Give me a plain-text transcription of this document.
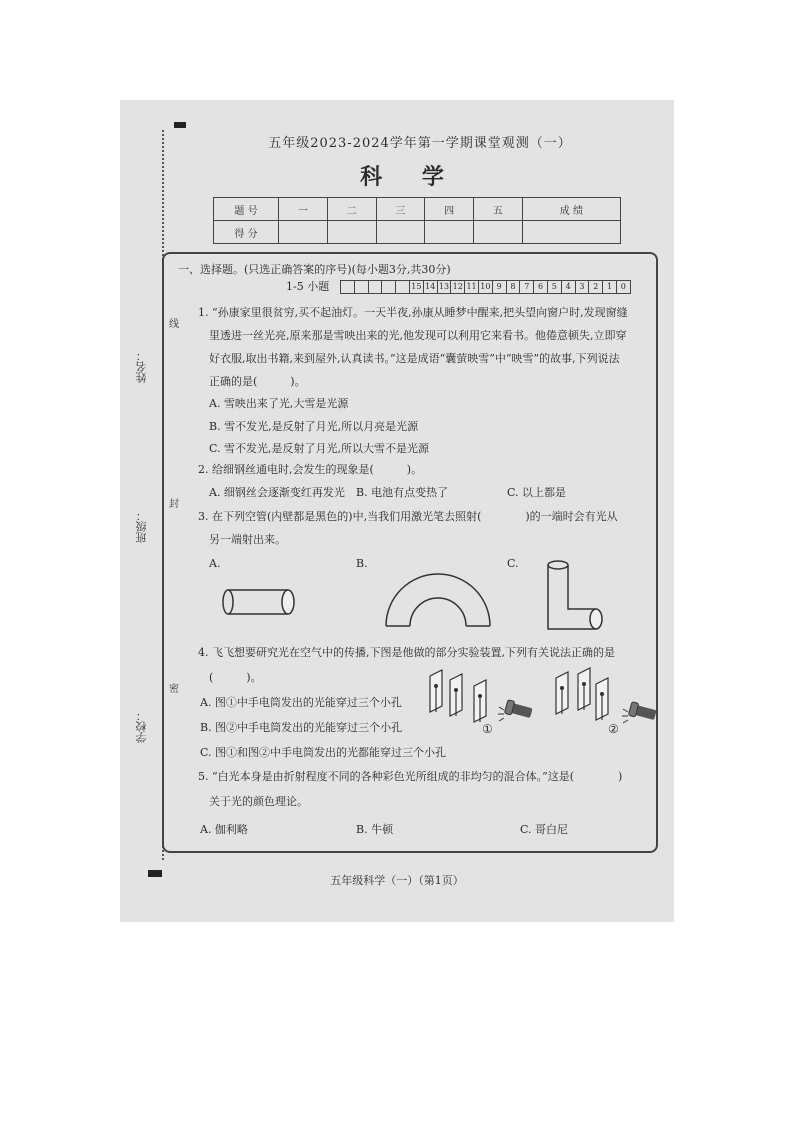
姓名：
班级：
学校：
线
封
密
五年级2023-2024学年第一学期课堂观测（一）
科 学
题 号	一	二	三	四	五	成 绩
得 分						
一、选择题。(只选正确答案的序号)(每小题3分,共30分)
1-5 小题	15 14 13 12 11 10 9	8	7	6	5	4	3	2	1	0
1. “孙康家里很贫穷,买不起油灯。一天半夜,孙康从睡梦中醒来,把头望向窗户时,发现窗缝
里透进一丝光亮,原来那是雪映出来的光,他发现可以利用它来看书。他倦意顿失,立即穿
好衣服,取出书籍,来到屋外,认真读书。”这是成语“囊萤映雪”中“映雪”的故事,下列说法
正确的是(　　　)。
A. 雪映出来了光,大雪是光源
B. 雪不发光,是反射了月光,所以月亮是光源
C. 雪不发光,是反射了月光,所以大雪不是光源
2. 给细钢丝通电时,会发生的现象是(　　　)。
A. 细钢丝会逐渐变红再发光 B. 电池有点变热了	C. 以上都是
3. 在下列空管(内壁都是黑色的)中,当我们用激光笔去照射(　　　　)的一端时会有光从
另一端射出来。
A.	B.	C.
4. 飞飞想要研究光在空气中的传播,下图是他做的部分实验装置,下列有关说法正确的是
(　　　)。
A. 图①中手电筒发出的光能穿过三个小孔
B. 图②中手电筒发出的光能穿过三个小孔
C. 图①和图②中手电筒发出的光都能穿过三个小孔
①	②
5. “白光本身是由折射程度不同的各种彩色光所组成的非均匀的混合体。”这是(　　　　)
关于光的颜色理论。
A. 伽利略	B. 牛顿	C. 哥白尼
五年级科学（一）（第1页）
